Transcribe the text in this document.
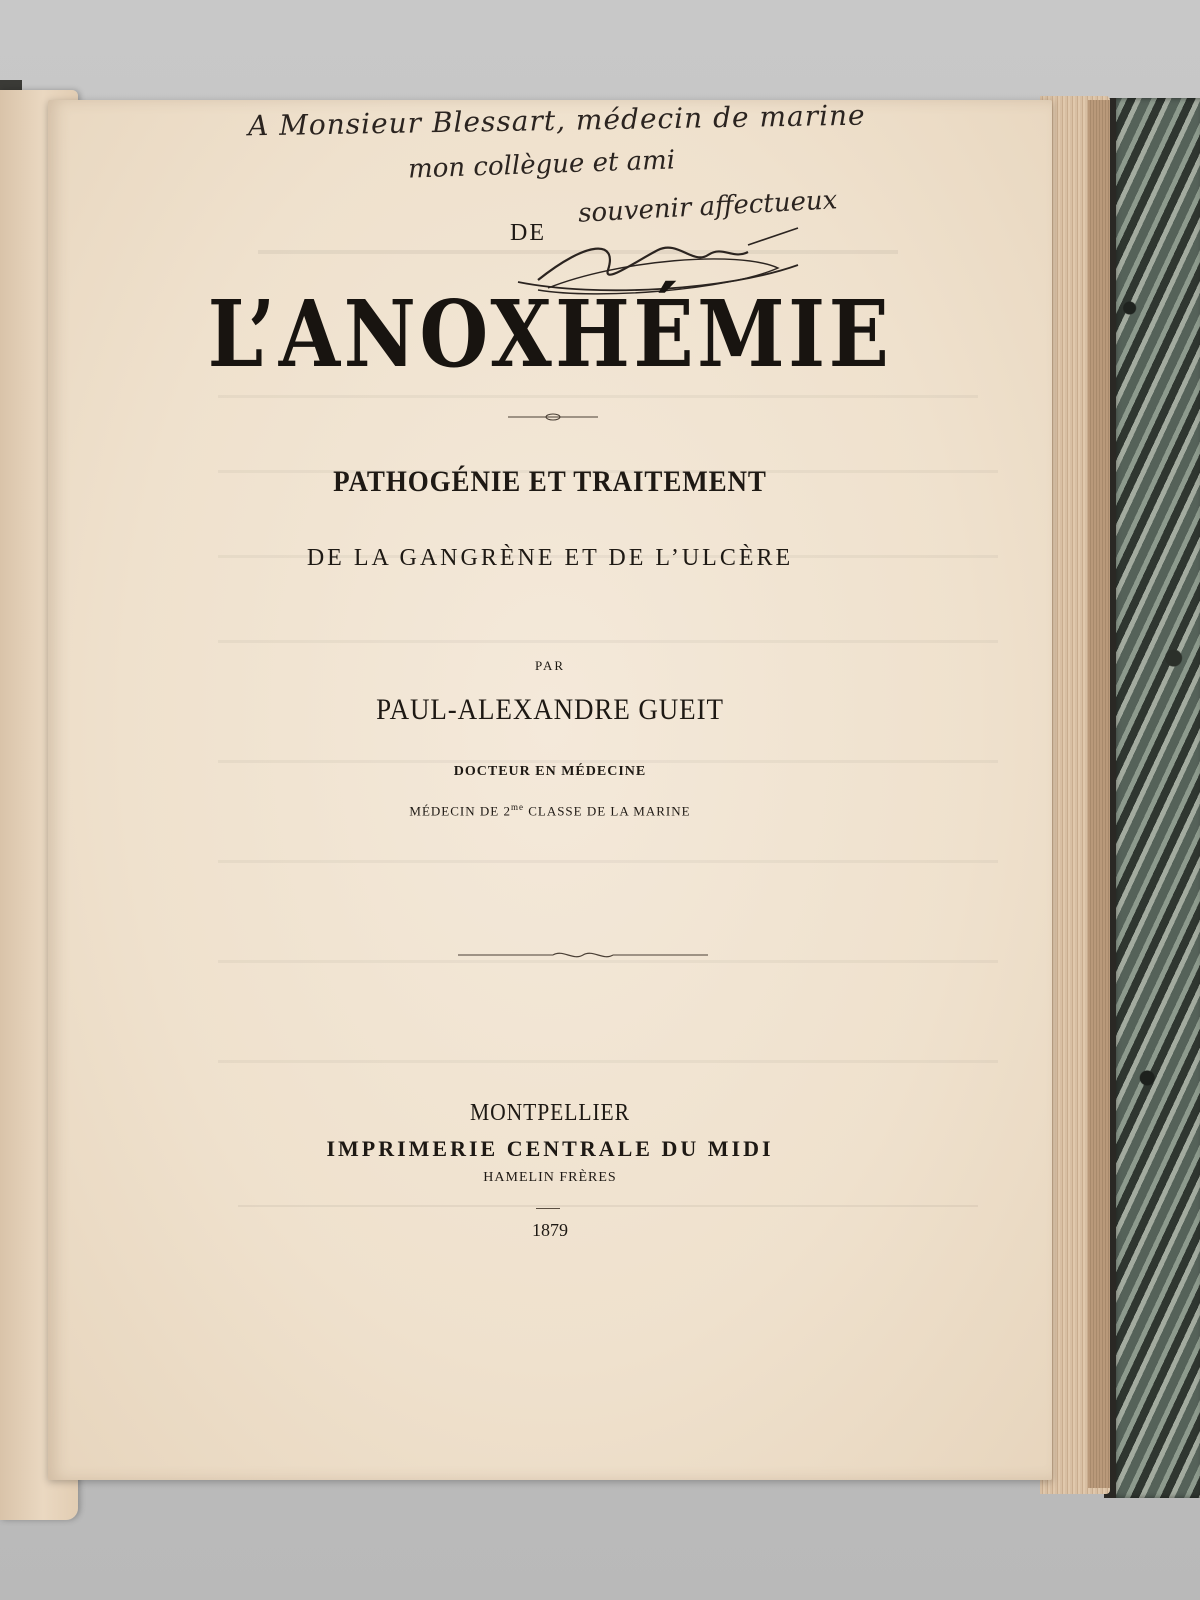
A Monsieur Blessart, médecin de marine
mon collègue et ami
souvenir affectueux
DE
L’ANOXHÉMIE
PATHOGÉNIE ET TRAITEMENT
DE LA GANGRÈNE ET DE L’ULCÈRE
PAR
PAUL-ALEXANDRE GUEIT
DOCTEUR EN MÉDECINE
MÉDECIN DE $2^{me}$ CLASSE DE LA MARINE
MONTPELLIER
IMPRIMERIE CENTRALE DU MIDI
HAMELIN FRÈRES
1879
